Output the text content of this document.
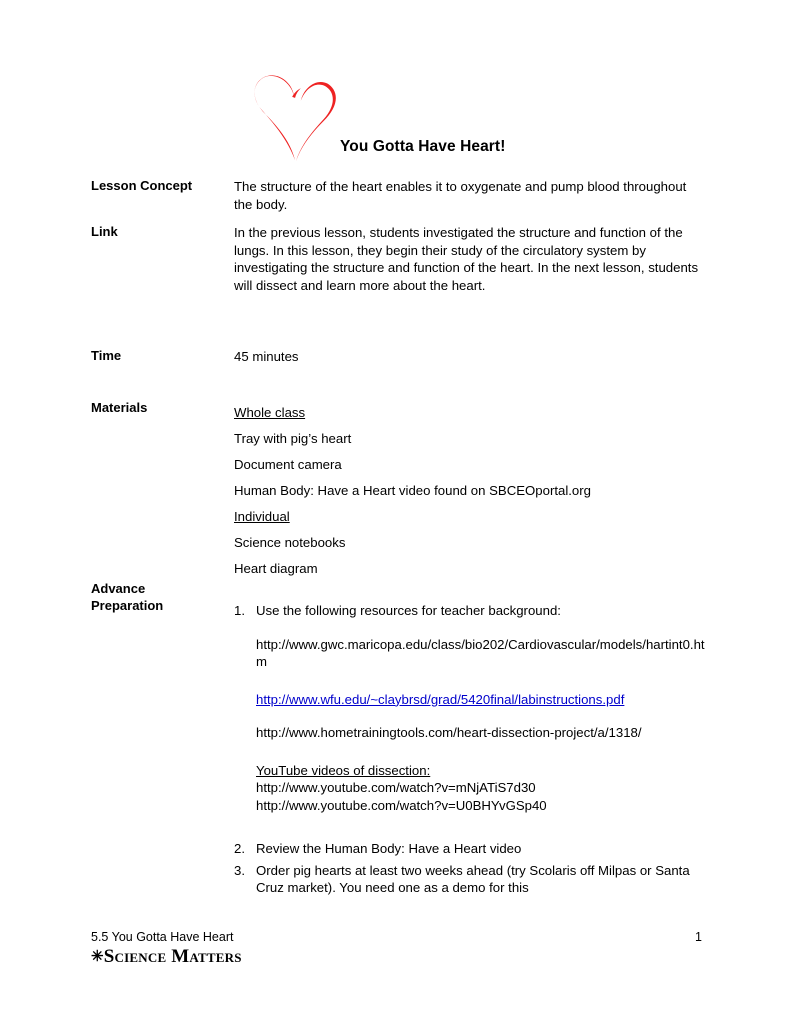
You Gotta Have Heart!
Lesson Concept	The structure of the heart enables it to oxygenate and pump blood throughout the body.
Link	In the previous lesson, students investigated the structure and function of the lungs. In this lesson, they begin their study of the circulatory system by investigating the structure and function of the heart. In the next lesson, students will dissect and learn more about the heart.
Time	45 minutes
Materials	Whole class
Tray with pig’s heart
Document camera
Human Body: Have a Heart video found on SBCEOportal.org
Individual
Science notebooks
Heart diagram
Advance
Preparation	1. Use the following resources for teacher background:
http://www.gwc.maricopa.edu/class/bio202/Cardiovascular/models/hartint0.htm
http://www.wfu.edu/~claybrsd/grad/5420final/labinstructions.pdf
http://www.hometrainingtools.com/heart-dissection-project/a/1318/
YouTube videos of dissection:
http://www.youtube.com/watch?v=mNjATiS7d30
http://www.youtube.com/watch?v=U0BHYvGSp40
2. Review the Human Body: Have a Heart video
3. Order pig hearts at least two weeks ahead (try Scolaris off Milpas or Santa Cruz market). You need one as a demo for this
5.5 You Gotta Have Heart	1
✳Science Matters
